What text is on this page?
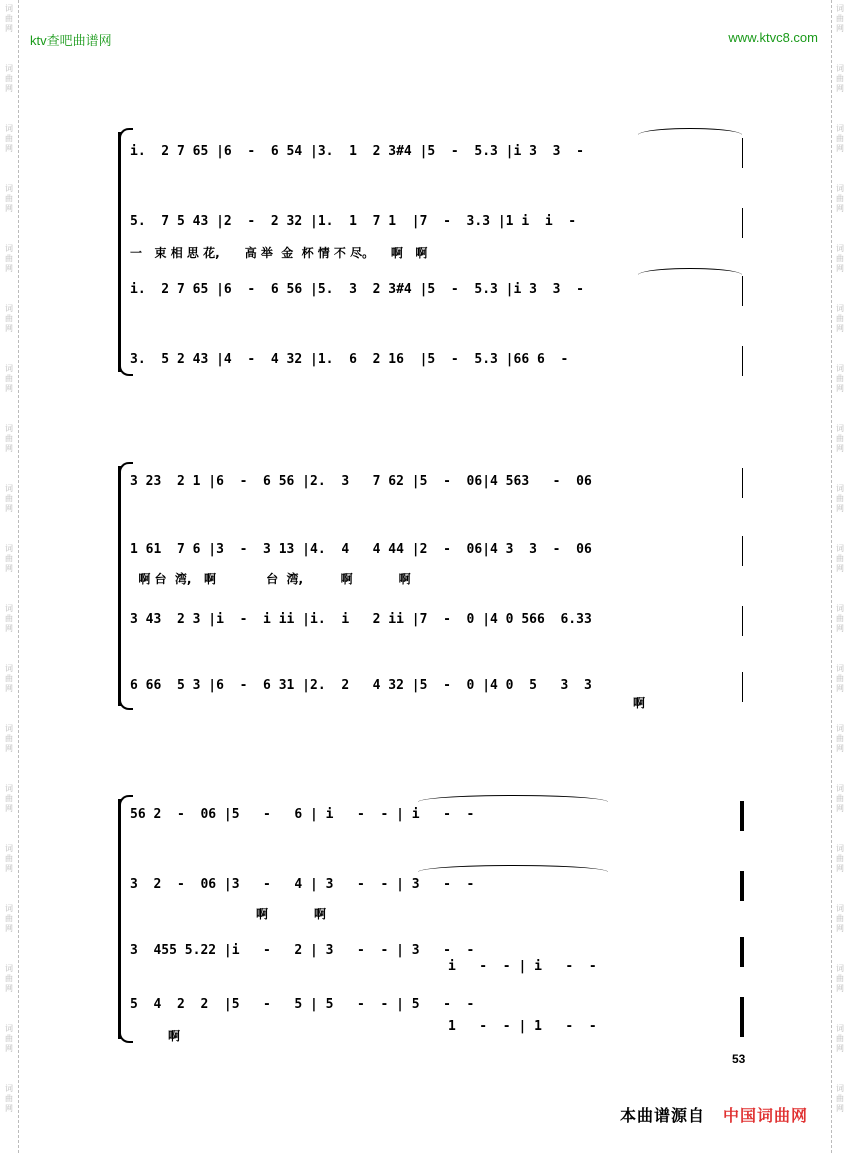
词
曲
网
词
曲
网
词
曲
网
词
曲
网
词
曲
网
词
曲
网
词
曲
网
词
曲
网
词
曲
网
词
曲
网
词
曲
网
词
曲
网
词
曲
网
词
曲
网
词
曲
网
词
曲
网
词
曲
网
词
曲
网
词
曲
网
词
曲
网
词
曲
网
词
曲
网
词
曲
网
词
曲
网
词
曲
网
词
曲
网
词
曲
网
词
曲
网
词
曲
网
词
曲
网
词
曲
网
词
曲
网
词
曲
网
词
曲
网
词
曲
网
词
曲
网
词
曲
网
词
曲
网
ktv查吧曲谱网	www.ktvc8.com
i.  2 7 65 |6  -  6 54 |3.  1  2 3#4 |5  -  5.3 |i 3  3  -
5.  7 5 43 |2  -  2 32 |1.  1  7 1  |7  -  3.3 |1 i  i  -
一   束 相 思 花,      高 举  金  杯 情 不 尽。    啊   啊
i.  2 7 65 |6  -  6 56 |5.  3  2 3#4 |5  -  5.3 |i 3  3  -
3.  5 2 43 |4  -  4 32 |1.  6  2 16  |5  -  5.3 |66 6  -
3 23  2 1 |6  -  6 56 |2.  3   7 62 |5  -  06|4 563   -  06
1 61  7 6 |3  -  3 13 |4.  4   4 44 |2  -  06|4 3  3  -  06
啊 台  湾,   啊            台  湾,         啊           啊
3 43  2 3 |i  -  i ii |i.  i   2 ii |7  -  0 |4 0 566  6.33
6 66  5 3 |6  -  6 31 |2.  2   4 32 |5  -  0 |4 0  5   3  3
啊
56 2  -  06 |5   -   6 | i   -  - | i   -  -
3  2  -  06 |3   -   4 | 3   -  - | 3   -  -
啊           啊
3  455 5.22 |i   -   2 | 3   -  - | 3   -  -
i   -  - | i   -  -
5  4  2  2  |5   -   5 | 5   -  - | 5   -  -
1   -  - | 1   -  -
啊
53
本曲谱源自 中国词曲网
